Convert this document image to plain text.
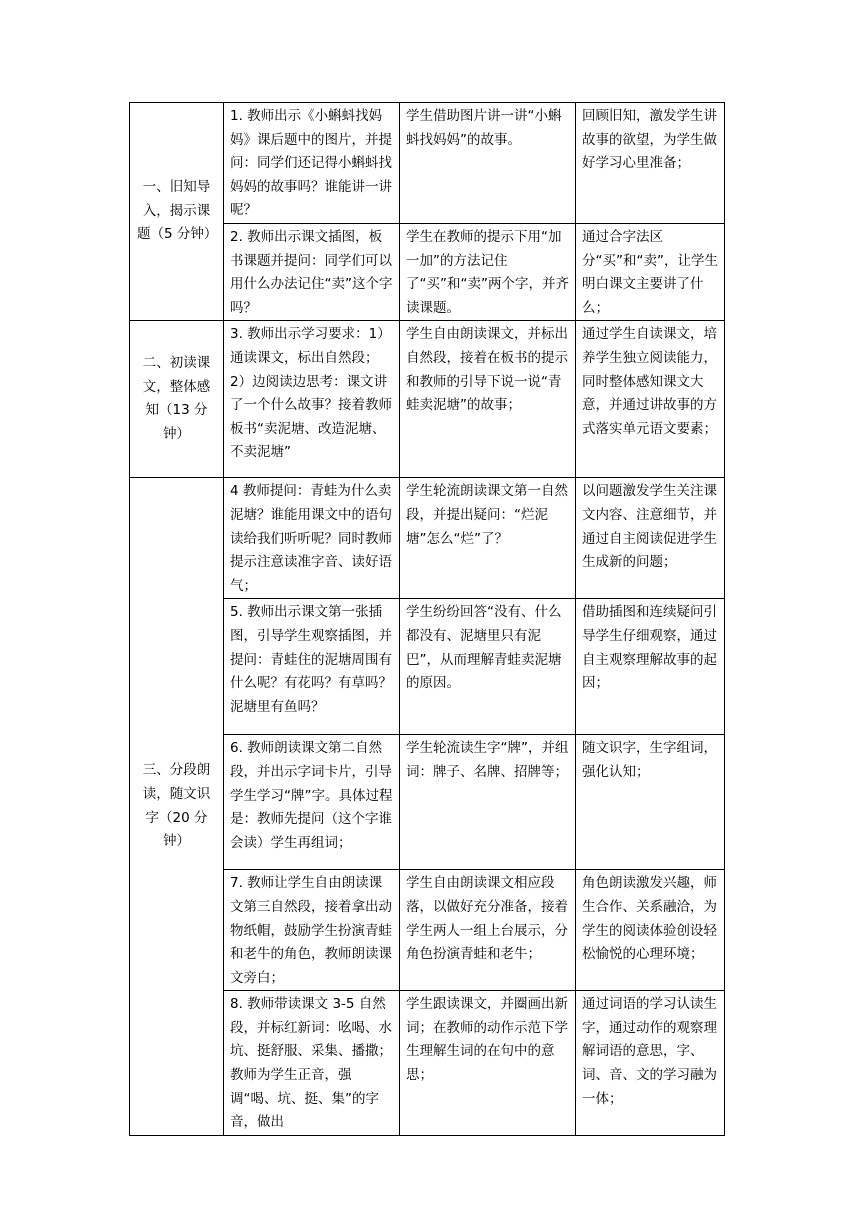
一、旧知导入，揭示课题（5 分钟）	1. 教师出示《小蝌蚪找妈妈》课后题中的图片，并提问：同学们还记得小蝌蚪找妈妈的故事吗？谁能讲一讲呢？	学生借助图片讲一讲“小蝌蚪找妈妈”的故事。	回顾旧知，激发学生讲故事的欲望，为学生做好学习心里准备；
	2. 教师出示课文插图，板书课题并提问：同学们可以用什么办法记住“卖”这个字吗？	学生在教师的提示下用“加一加”的方法记住了“买”和“卖”两个字，并齐读课题。	通过合字法区分“买”和“卖”，让学生明白课文主要讲了什么；
二、初读课文，整体感知（13 分钟）	3. 教师出示学习要求：1）通读课文，标出自然段； 2）边阅读边思考：课文讲了一个什么故事？接着教师板书“卖泥塘、改造泥塘、不卖泥塘”	学生自由朗读课文，并标出自然段，接着在板书的提示和教师的引导下说一说“青蛙卖泥塘”的故事；	通过学生自读课文，培养学生独立阅读能力，同时整体感知课文大意，并通过讲故事的方式落实单元语文要素；
三、分段朗读，随文识字（20 分钟）	4 教师提问：青蛙为什么卖泥塘？谁能用课文中的语句读给我们听听呢？同时教师提示注意读准字音、读好语气；	学生轮流朗读课文第一自然段，并提出疑问：“烂泥塘”怎么“烂”了？	以问题激发学生关注课文内容、注意细节，并通过自主阅读促进学生生成新的问题；
	5. 教师出示课文第一张插图，引导学生观察插图，并提问：青蛙住的泥塘周围有什么呢？有花吗？有草吗？泥塘里有鱼吗？	学生纷纷回答“没有、什么都没有、泥塘里只有泥巴”，从而理解青蛙卖泥塘的原因。	借助插图和连续疑问引导学生仔细观察，通过自主观察理解故事的起因；
	6. 教师朗读课文第二自然段，并出示字词卡片，引导学生学习“牌”字。具体过程是：教师先提问（这个字谁会读）学生再组词；	学生轮流读生字“牌”，并组词：牌子、名牌、招牌等；	随文识字，生字组词，强化认知；
	7. 教师让学生自由朗读课文第三自然段，接着拿出动物纸帽，鼓励学生扮演青蛙和老牛的角色，教师朗读课文旁白；	学生自由朗读课文相应段落，以做好充分准备，接着学生两人一组上台展示，分角色扮演青蛙和老牛；	角色朗读激发兴趣，师生合作、关系融洽，为学生的阅读体验创设轻松愉悦的心理环境；
	8. 教师带读课文 3-5 自然段，并标红新词：吆喝、水坑、挺舒服、采集、播撒；教师为学生正音，强调“喝、坑、挺、集”的字音，做出	学生跟读课文，并圈画出新词；在教师的动作示范下学生理解生词的在句中的意思；	通过词语的学习认读生字，通过动作的观察理解词语的意思，字、词、音、文的学习融为一体；
